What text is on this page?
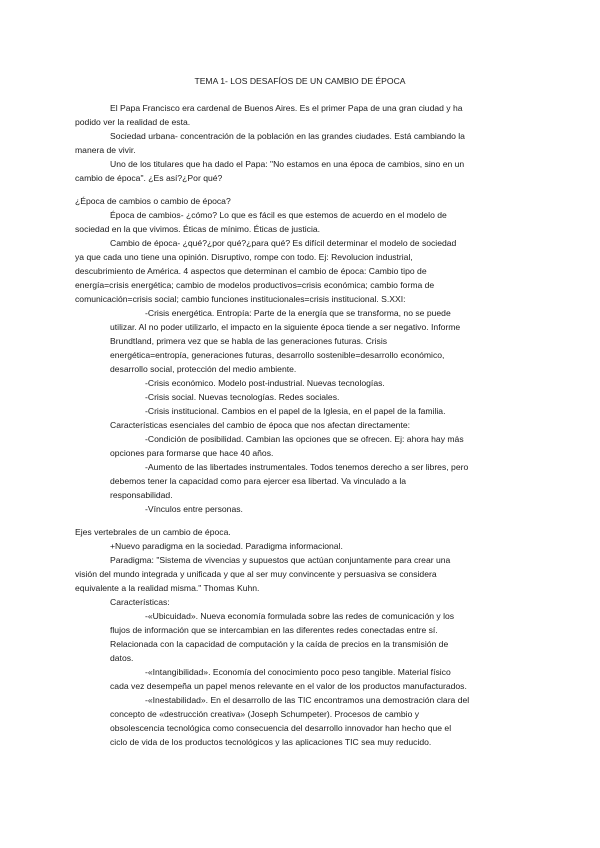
TEMA 1- LOS DESAFÍOS DE UN CAMBIO DE ÉPOCA
El Papa Francisco era cardenal de Buenos Aires. Es el primer Papa de una gran ciudad y ha
podido ver la realidad de esta.
Sociedad urbana- concentración de la población en las grandes ciudades. Está cambiando la
manera de vivir.
Uno de los titulares que ha dado el Papa: "No estamos en una época de cambios, sino en un
cambio de época". ¿Es así?¿Por qué?
¿Época de cambios o cambio de época?
Época de cambios- ¿cómo? Lo que es fácil es que estemos de acuerdo en el modelo de
sociedad en la que vivimos. Éticas de mínimo. Éticas de justicia.
Cambio de época- ¿qué?¿por qué?¿para qué? Es difícil determinar el modelo de sociedad
ya que cada uno tiene una opinión. Disruptivo, rompe con todo. Ej: Revolucion industrial,
descubrimiento de América. 4 aspectos que determinan el cambio de época: Cambio tipo de
energía=crisis energética; cambio de modelos productivos=crisis económica; cambio forma de
comunicación=crisis social; cambio funciones institucionales=crisis institucional. S.XXI:
-Crisis energética. Entropía: Parte de la energía que se transforma, no se puede
utilizar. Al no poder utilizarlo, el impacto en la siguiente época tiende a ser negativo. Informe
Brundtland, primera vez que se habla de las generaciones futuras. Crisis
energética=entropía, generaciones futuras, desarrollo sostenible=desarrollo económico,
desarrollo social, protección del medio ambiente.
-Crisis económico. Modelo post-industrial. Nuevas tecnologías.
-Crisis social. Nuevas tecnologías. Redes sociales.
-Crisis institucional. Cambios en el papel de la Iglesia, en el papel de la familia.
Características esenciales del cambio de época que nos afectan directamente:
-Condición de posibilidad. Cambian las opciones que se ofrecen. Ej: ahora hay más
opciones para formarse que hace 40 años.
-Aumento de las libertades instrumentales. Todos tenemos derecho a ser libres, pero
debemos tener la capacidad como para ejercer esa libertad. Va vinculado a la
responsabilidad.
-Vínculos entre personas.
Ejes vertebrales de un cambio de época.
+Nuevo paradigma en la sociedad. Paradigma informacional.
Paradigma: "Sistema de vivencias y supuestos que actúan conjuntamente para crear una
visión del mundo integrada y unificada y que al ser muy convincente y persuasiva se considera
equivalente a la realidad misma." Thomas Kuhn.
Características:
-«Ubicuidad». Nueva economía formulada sobre las redes de comunicación y los
flujos de información que se intercambian en las diferentes redes conectadas entre sí.
Relacionada con la capacidad de computación y la caída de precios en la transmisión de
datos.
-«Intangibilidad». Economía del conocimiento poco peso tangible. Material físico
cada vez desempeña un papel menos relevante en el valor de los productos manufacturados.
-«Inestabilidad». En el desarrollo de las TIC encontramos una demostración clara del
concepto de «destrucción creativa» (Joseph Schumpeter). Procesos de cambio y
obsolescencia tecnológica como consecuencia del desarrollo innovador han hecho que el
ciclo de vida de los productos tecnológicos y las aplicaciones TIC sea muy reducido.
